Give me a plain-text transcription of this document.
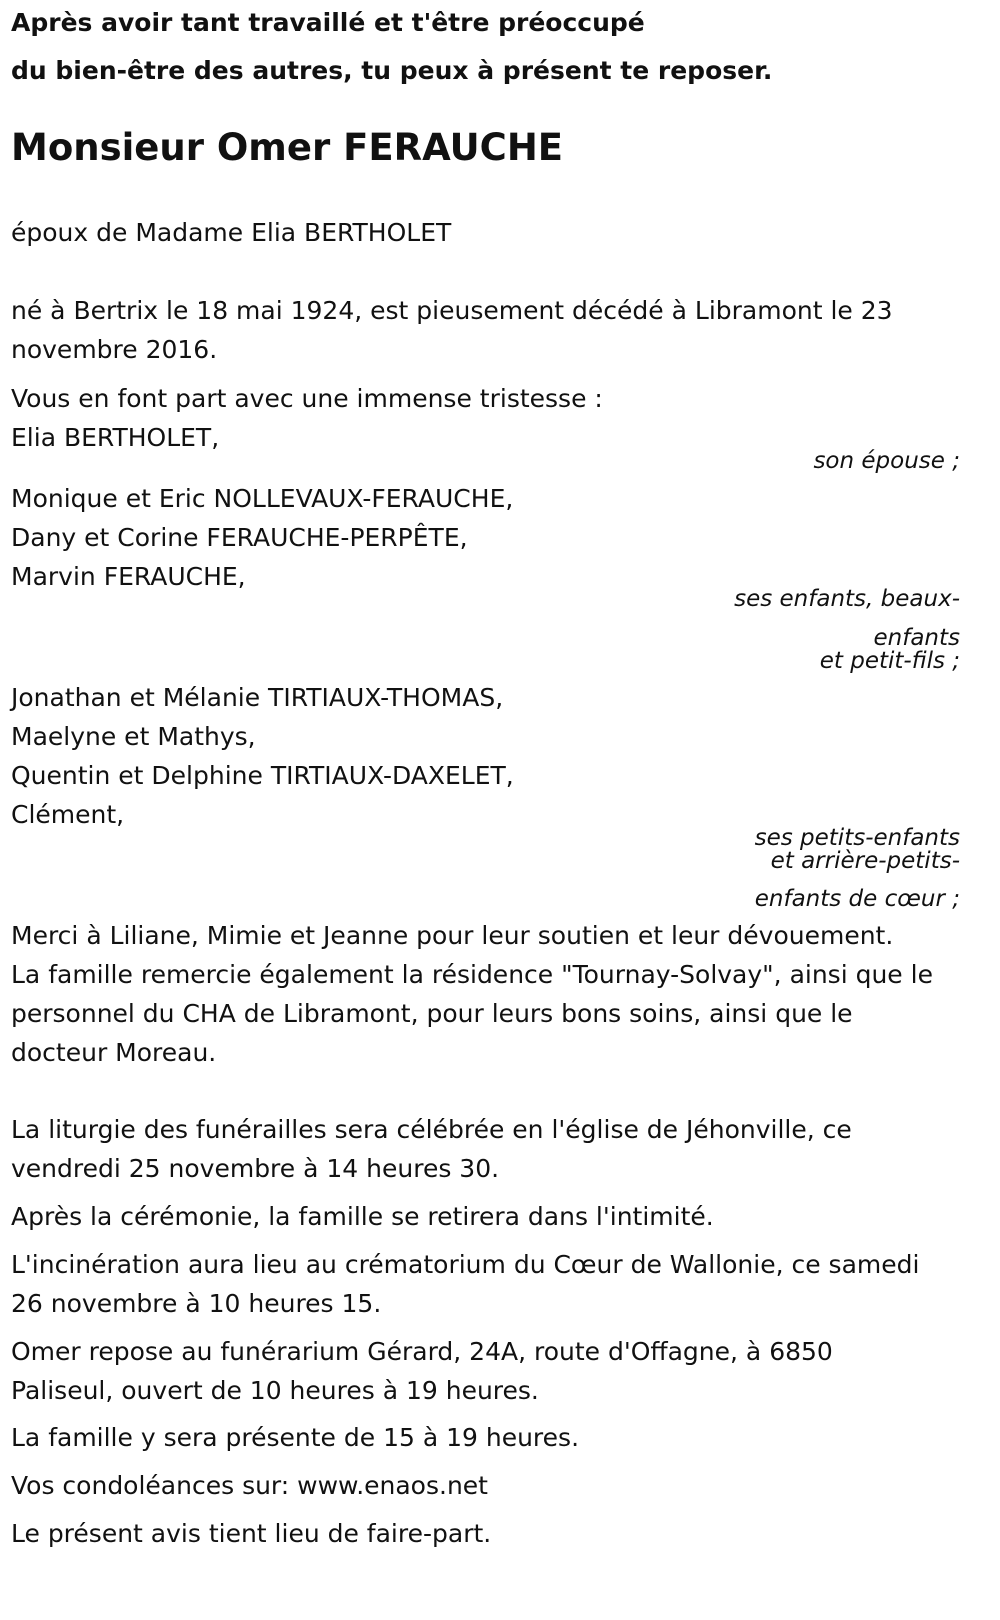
Après avoir tant travaillé et t'être préoccupé
du bien-être des autres, tu peux à présent te reposer.
Monsieur Omer FERAUCHE
époux de Madame Elia BERTHOLET
né à Bertrix le 18 mai 1924, est pieusement décédé à Libramont le 23
novembre 2016.
Vous en font part avec une immense tristesse :
Elia BERTHOLET,
son épouse ;
Monique et Eric NOLLEVAUX-FERAUCHE,
Dany et Corine FERAUCHE-PERPÊTE,
Marvin FERAUCHE,
ses enfants, beaux-
enfants
et petit-fils ;
Jonathan et Mélanie TIRTIAUX-THOMAS,
Maelyne et Mathys,
Quentin et Delphine TIRTIAUX-DAXELET,
Clément,
ses petits-enfants
et arrière-petits-
enfants de cœur ;
Merci à Liliane, Mimie et Jeanne pour leur soutien et leur dévouement.
La famille remercie également la résidence "Tournay-Solvay", ainsi que le
personnel du CHA de Libramont, pour leurs bons soins, ainsi que le
docteur Moreau.
La liturgie des funérailles sera célébrée en l'église de Jéhonville, ce
vendredi 25 novembre à 14 heures 30.
Après la cérémonie, la famille se retirera dans l'intimité.
L'incinération aura lieu au crématorium du Cœur de Wallonie, ce samedi
26 novembre à 10 heures 15.
Omer repose au funérarium Gérard, 24A, route d'Offagne, à 6850
Paliseul, ouvert de 10 heures à 19 heures.
La famille y sera présente de 15 à 19 heures.
Vos condoléances sur: www.enaos.net
Le présent avis tient lieu de faire-part.
